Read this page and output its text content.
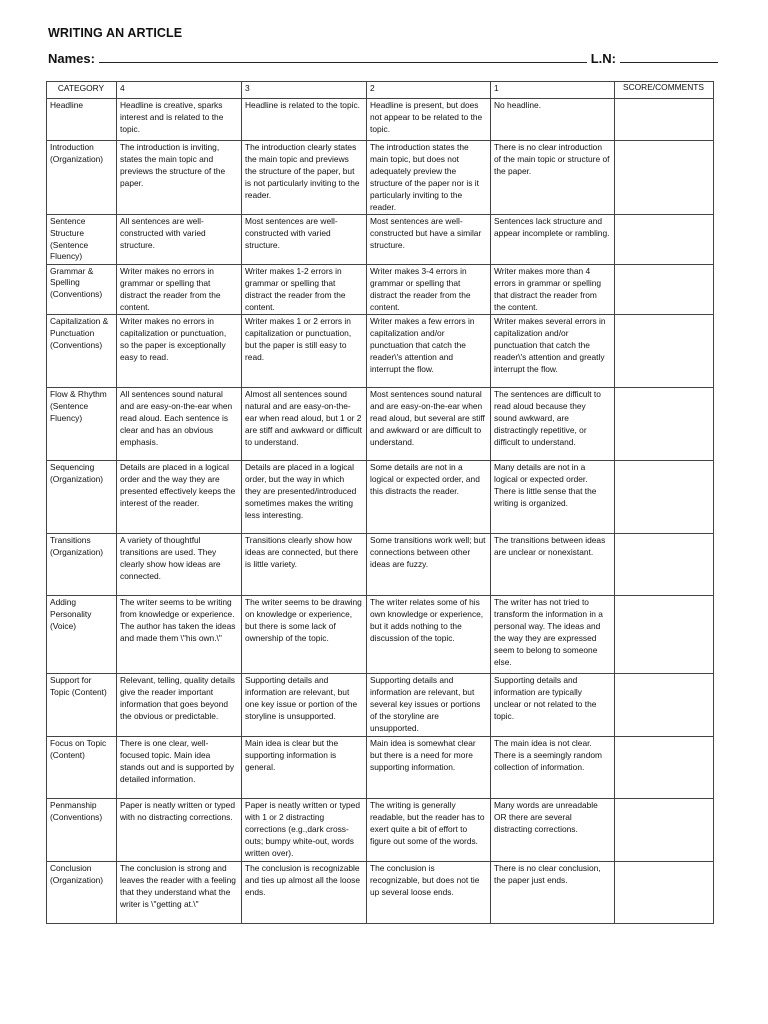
WRITING AN ARTICLE
Names:	L.N:
CATEGORY	4	3	2	1	SCORE/COMMENTS
Headline	Headline is creative, sparks interest and is related to the topic.	Headline is related to the topic.	Headline is present, but does not appear to be related to the topic.	No headline.	
Introduction (Organization)	The introduction is inviting, states the main topic and previews the structure of the paper.	The introduction clearly states the main topic and previews the structure of the paper, but is not particularly inviting to the reader.	The introduction states the main topic, but does not adequately preview the structure of the paper nor is it particularly inviting to the reader.	There is no clear introduction of the main topic or structure of the paper.	
Sentence Structure (Sentence Fluency)	All sentences are well-constructed with varied structure.	Most sentences are well-constructed with varied structure.	Most sentences are well-constructed but have a similar structure.	Sentences lack structure and appear incomplete or rambling.	
Grammar & Spelling (Conventions)	Writer makes no errors in grammar or spelling that distract the reader from the content.	Writer makes 1-2 errors in grammar or spelling that distract the reader from the content.	Writer makes 3-4 errors in grammar or spelling that distract the reader from the content.	Writer makes more than 4 errors in grammar or spelling that distract the reader from the content.	
Capitalization & Punctuation (Conventions)	Writer makes no errors in capitalization or punctuation, so the paper is exceptionally easy to read.	Writer makes 1 or 2 errors in capitalization or punctuation, but the paper is still easy to read.	Writer makes a few errors in capitalization and/or punctuation that catch the reader\'s attention and interrupt the flow.	Writer makes several errors in capitalization and/or punctuation that catch the reader\'s attention and greatly interrupt the flow.	
Flow & Rhythm (Sentence Fluency)	All sentences sound natural and are easy-on-the-ear when read aloud. Each sentence is clear and has an obvious emphasis.	Almost all sentences sound natural and are easy-on-the-ear when read aloud, but 1 or 2 are stiff and awkward or difficult to understand.	Most sentences sound natural and are easy-on-the-ear when read aloud, but several are stiff and awkward or are difficult to understand.	The sentences are difficult to read aloud because they sound awkward, are distractingly repetitive, or difficult to understand.	
Sequencing (Organization)	Details are placed in a logical order and the way they are presented effectively keeps the interest of the reader.	Details are placed in a logical order, but the way in which they are presented/introduced sometimes makes the writing less interesting.	Some details are not in a logical or expected order, and this distracts the reader.	Many details are not in a logical or expected order. There is little sense that the writing is organized.	
Transitions (Organization)	A variety of thoughtful transitions are used. They clearly show how ideas are connected.	Transitions clearly show how ideas are connected, but there is little variety.	Some transitions work well; but connections between other ideas are fuzzy.	The transitions between ideas are unclear or nonexistant.	
Adding Personality (Voice)	The writer seems to be writing from knowledge or experience. The author has taken the ideas and made them \"his own.\"	The writer seems to be drawing on knowledge or experience, but there is some lack of ownership of the topic.	The writer relates some of his own knowledge or experience, but it adds nothing to the discussion of the topic.	The writer has not tried to transform the information in a personal way. The ideas and the way they are expressed seem to belong to someone else.	
Support for Topic (Content)	Relevant, telling, quality details give the reader important information that goes beyond the obvious or predictable.	Supporting details and information are relevant, but one key issue or portion of the storyline is unsupported.	Supporting details and information are relevant, but several key issues or portions of the storyline are unsupported.	Supporting details and information are typically unclear or not related to the topic.	
Focus on Topic (Content)	There is one clear, well-focused topic. Main idea stands out and is supported by detailed information.	Main idea is clear but the supporting information is general.	Main idea is somewhat clear but there is a need for more supporting information.	The main idea is not clear. There is a seemingly random collection of information.	
Penmanship (Conventions)	Paper is neatly written or typed with no distracting corrections.	Paper is neatly written or typed with 1 or 2 distracting corrections (e.g.,dark cross-outs; bumpy white-out, words written over).	The writing is generally readable, but the reader has to exert quite a bit of effort to figure out some of the words.	Many words are unreadable OR there are several distracting corrections.	
Conclusion (Organization)	The conclusion is strong and leaves the reader with a feeling that they understand what the writer is \"getting at.\"	The conclusion is recognizable and ties up almost all the loose ends.	The conclusion is recognizable, but does not tie up several loose ends.	There is no clear conclusion, the paper just ends.	
